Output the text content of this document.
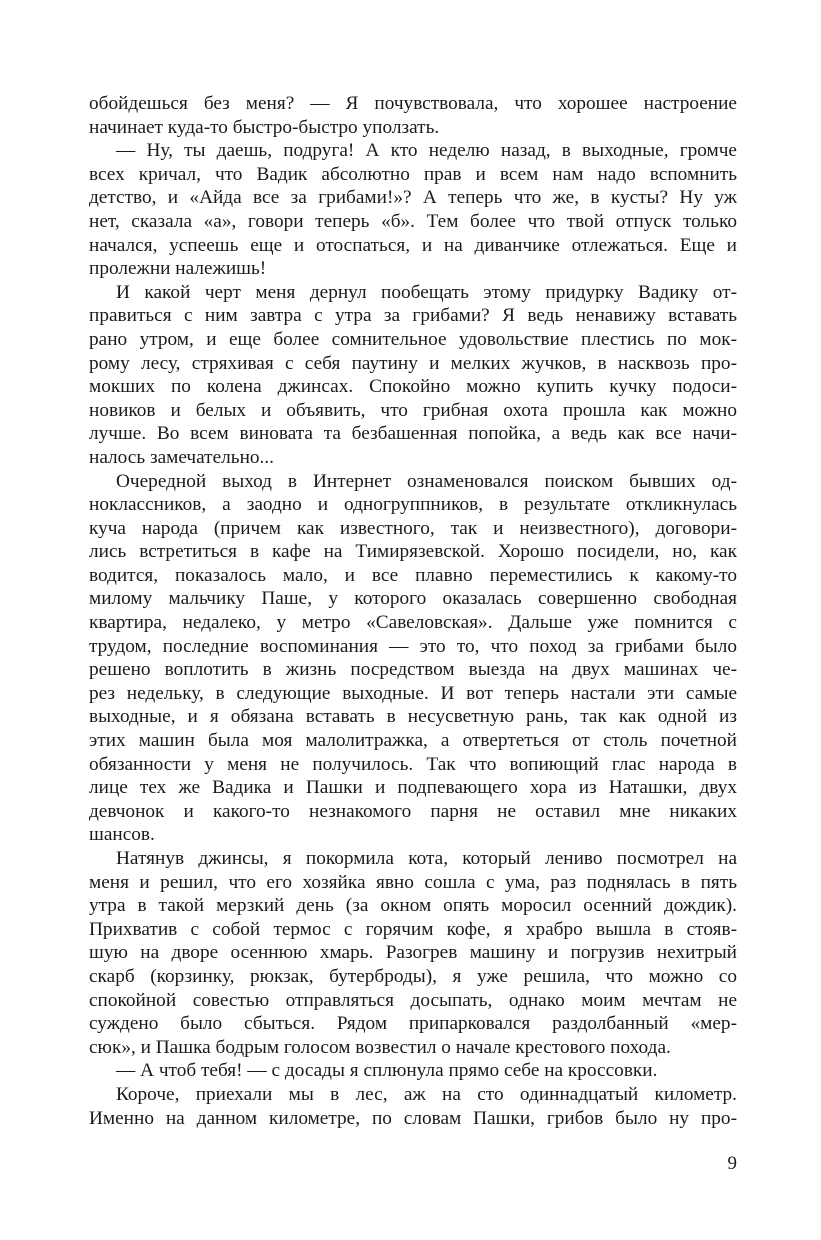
обойдешься без меня? — Я почувствовала, что хорошее настроение
начинает куда-то быстро-быстро уползать.
— Ну, ты даешь, подруга! А кто неделю назад, в выходные, громче
всех кричал, что Вадик абсолютно прав и всем нам надо вспомнить
детство, и «Айда все за грибами!»? А теперь что же, в кусты? Ну уж
нет, сказала «а», говори теперь «б». Тем более что твой отпуск только
начался, успеешь еще и отоспаться, и на диванчике отлежаться. Еще и
пролежни належишь!
И какой черт меня дернул пообещать этому придурку Вадику от-
правиться с ним завтра с утра за грибами? Я ведь ненавижу вставать
рано утром, и еще более сомнительное удовольствие плестись по мок-
рому лесу, стряхивая с себя паутину и мелких жучков, в насквозь про-
мокших по колена джинсах. Спокойно можно купить кучку подоси-
новиков и белых и объявить, что грибная охота прошла как можно
лучше. Во всем виновата та безбашенная попойка, а ведь как все начи-
налось замечательно...
Очередной выход в Интернет ознаменовался поиском бывших од-
ноклассников, а заодно и одногруппников, в результате откликнулась
куча народа (причем как известного, так и неизвестного), договори-
лись встретиться в кафе на Тимирязевской. Хорошо посидели, но, как
водится, показалось мало, и все плавно переместились к какому-то
милому мальчику Паше, у которого оказалась совершенно свободная
квартира, недалеко, у метро «Савеловская». Дальше уже помнится с
трудом, последние воспоминания — это то, что поход за грибами было
решено воплотить в жизнь посредством выезда на двух машинах че-
рез недельку, в следующие выходные. И вот теперь настали эти самые
выходные, и я обязана вставать в несусветную рань, так как одной из
этих машин была моя малолитражка, а отвертеться от столь почетной
обязанности у меня не получилось. Так что вопиющий глас народа в
лице тех же Вадика и Пашки и подпевающего хора из Наташки, двух
девчонок и какого-то незнакомого парня не оставил мне никаких
шансов.
Натянув джинсы, я покормила кота, который лениво посмотрел на
меня и решил, что его хозяйка явно сошла с ума, раз поднялась в пять
утра в такой мерзкий день (за окном опять моросил осенний дождик).
Прихватив с собой термос с горячим кофе, я храбро вышла в стояв-
шую на дворе осеннюю хмарь. Разогрев машину и погрузив нехитрый
скарб (корзинку, рюкзак, бутерброды), я уже решила, что можно со
спокойной совестью отправляться досыпать, однако моим мечтам не
суждено было сбыться. Рядом припарковался раздолбанный «мер-
сюк», и Пашка бодрым голосом возвестил о начале крестового похода.
— А чтоб тебя! — с досады я сплюнула прямо себе на кроссовки.
Короче, приехали мы в лес, аж на сто одиннадцатый километр.
Именно на данном километре, по словам Пашки, грибов было ну про-
9
